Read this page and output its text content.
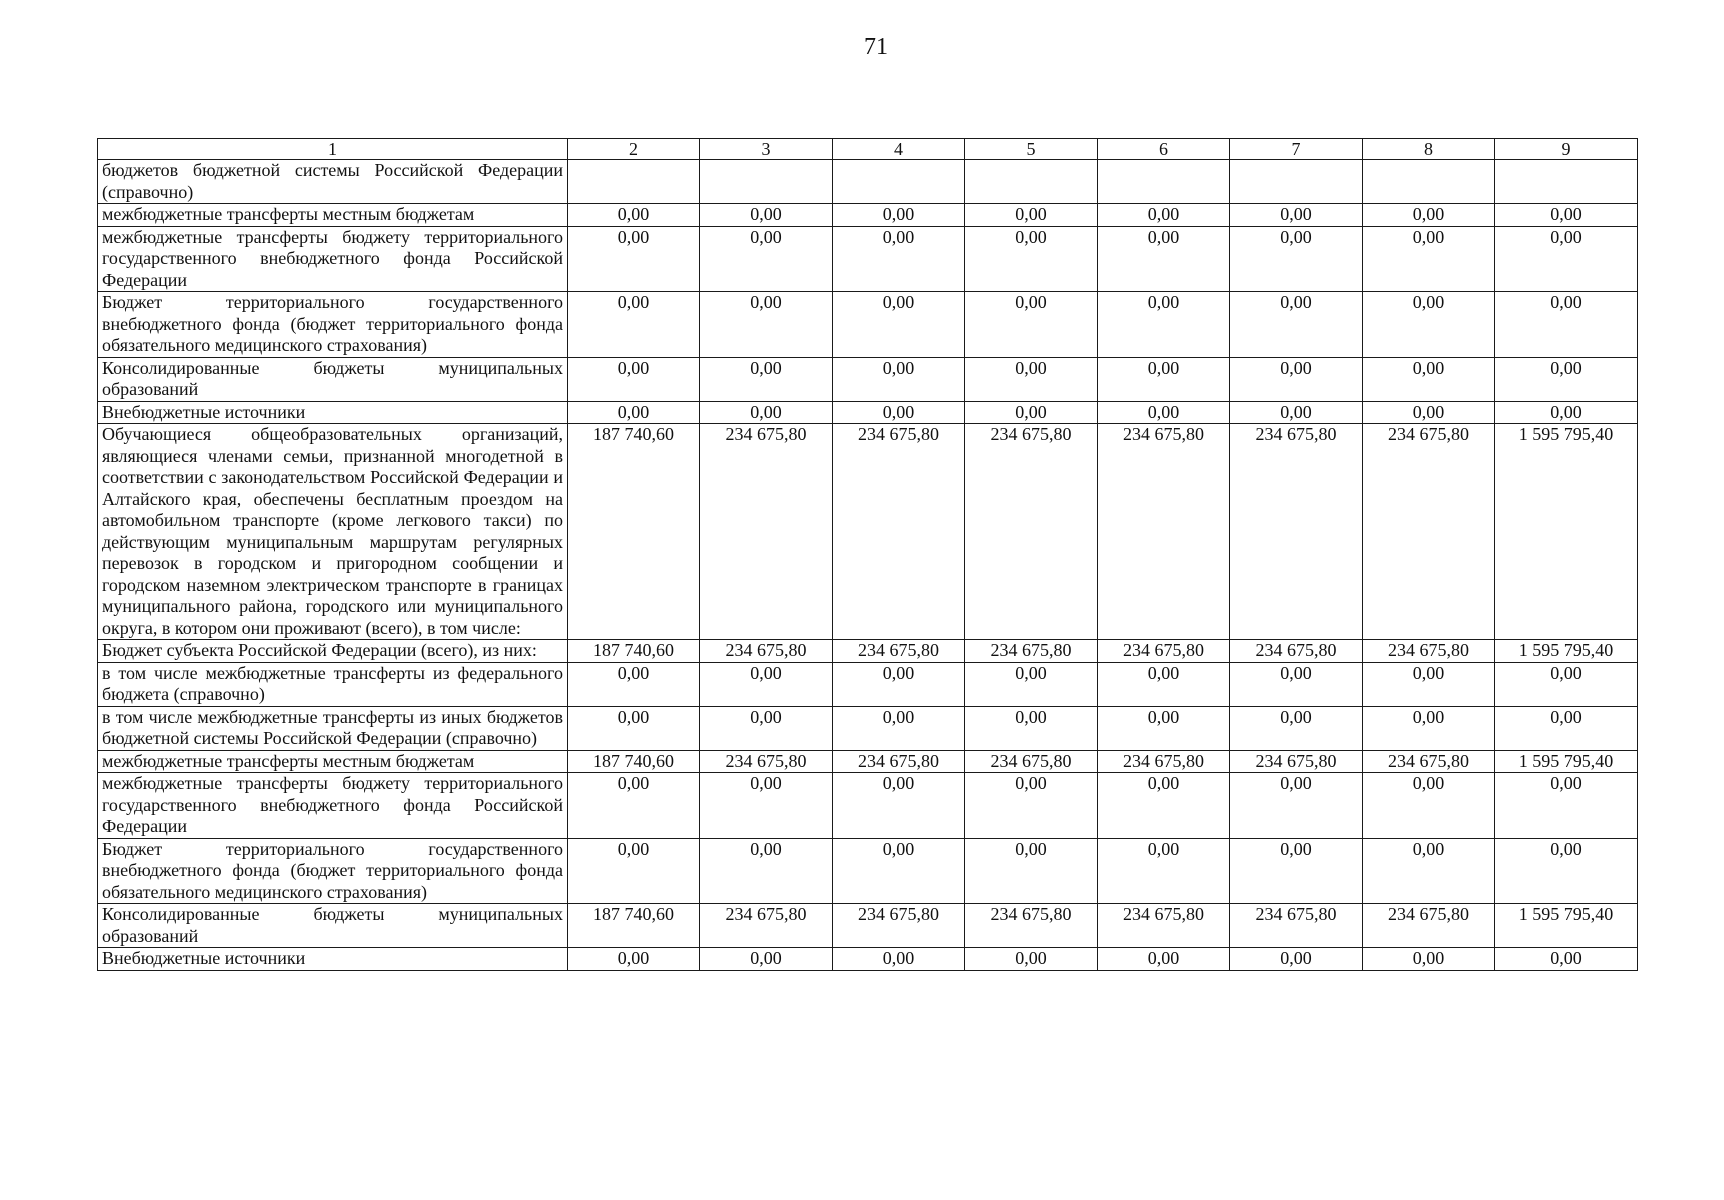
71
1	2	3	4	5	6	7	8	9
бюджетов бюджетной системы Российской Федерации (справочно)								
межбюджетные трансферты местным бюджетам	0,00	0,00	0,00	0,00	0,00	0,00	0,00	0,00
межбюджетные трансферты бюджету территориального государственного внебюджетного фонда Российской Федерации	0,00	0,00	0,00	0,00	0,00	0,00	0,00	0,00
Бюджет территориального государственного внебюджетного фонда (бюджет территориального фонда обязательного медицинского страхования)	0,00	0,00	0,00	0,00	0,00	0,00	0,00	0,00
Консолидированные бюджеты муниципальных образований	0,00	0,00	0,00	0,00	0,00	0,00	0,00	0,00
Внебюджетные источники	0,00	0,00	0,00	0,00	0,00	0,00	0,00	0,00
Обучающиеся общеобразовательных организаций, являющиеся членами семьи, признанной многодетной в соответствии с законодательством Российской Федерации и Алтайского края, обеспечены бесплатным проездом на автомобильном транспорте (кроме легкового такси) по действующим муниципальным маршрутам регулярных перевозок в городском и пригородном сообщении и городском наземном электрическом транспорте в границах муниципального района, городского или муниципального округа, в котором они проживают (всего), в том числе:	187 740,60	234 675,80	234 675,80	234 675,80	234 675,80	234 675,80	234 675,80	1 595 795,40
Бюджет субъекта Российской Федерации (всего), из них:	187 740,60	234 675,80	234 675,80	234 675,80	234 675,80	234 675,80	234 675,80	1 595 795,40
в том числе межбюджетные трансферты из федерального бюджета (справочно)	0,00	0,00	0,00	0,00	0,00	0,00	0,00	0,00
в том числе межбюджетные трансферты из иных бюджетов бюджетной системы Российской Федерации (справочно)	0,00	0,00	0,00	0,00	0,00	0,00	0,00	0,00
межбюджетные трансферты местным бюджетам	187 740,60	234 675,80	234 675,80	234 675,80	234 675,80	234 675,80	234 675,80	1 595 795,40
межбюджетные трансферты бюджету территориального государственного внебюджетного фонда Российской Федерации	0,00	0,00	0,00	0,00	0,00	0,00	0,00	0,00
Бюджет территориального государственного внебюджетного фонда (бюджет территориального фонда обязательного медицинского страхования)	0,00	0,00	0,00	0,00	0,00	0,00	0,00	0,00
Консолидированные бюджеты муниципальных образований	187 740,60	234 675,80	234 675,80	234 675,80	234 675,80	234 675,80	234 675,80	1 595 795,40
Внебюджетные источники	0,00	0,00	0,00	0,00	0,00	0,00	0,00	0,00
